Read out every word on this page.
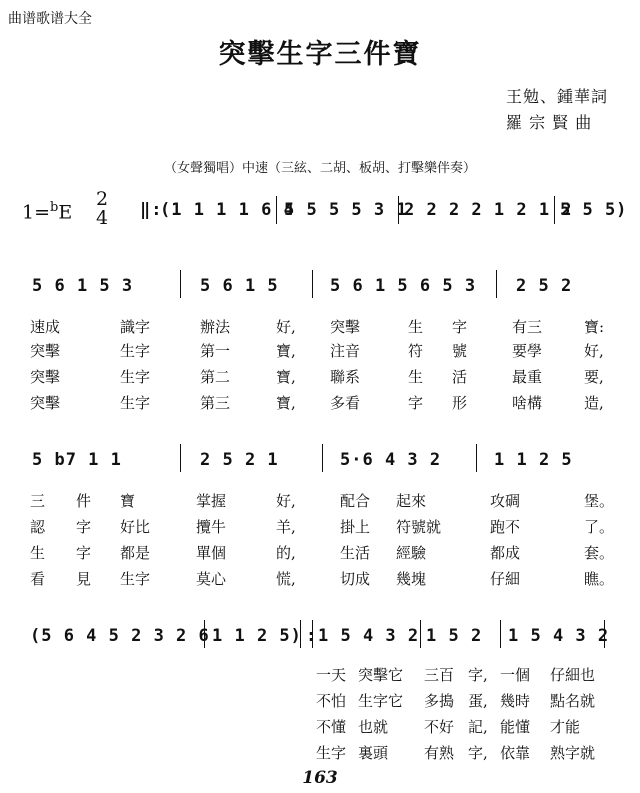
曲谱歌谱大全
突擊生字三件寶
王勉、鍾華詞
羅 宗 賢 曲
（女聲獨唱）中速（三絃、二胡、板胡、打擊樂伴奏）
1=$^b$E
2
4 ‖:
(1 1 1 1 6 4
5 5 5 5 3 1
2 2 2 2 1 2 1 2
5 5 5)
5 6 1 5 3	5 6 1 5	5 6 1 5 6 5 3 2 5 2
速成	識字	辦法	好, 突擊	生 字	有三	寶:
突擊	生字	第一	寶, 注音	符 號	要學	好,
突擊	生字	第二	寶, 聯系	生 活	最重	要,
突擊	生字	第三	寶, 多看	字 形	啥構	造,
5 b7 1 1	2 5 2 1	5·6 4 3 2	1 1 2 5
三 件 寶	掌握	好,	配合 起來	攻碉	堡。
認 字 好比	攬牛	羊,	掛上 符號就	跑不	了。
生 字 都是	單個	的,	生活 經驗	都成	套。
看 見 生字	莫心	慌,	切成 幾塊	仔細	瞧。
(5 6 4 5 2 3 2 6 1 1 2 5) : 1 5 4 3 2 1 5 2 1 5 4 3 2
一天 突擊它 三百 字, 一個 仔細也
不怕 生字它 多搗 蛋, 幾時 點名就
不懂 也就 不好 記, 能懂 才能
生字 裏頭 有熟 字, 依靠 熟字就
163
